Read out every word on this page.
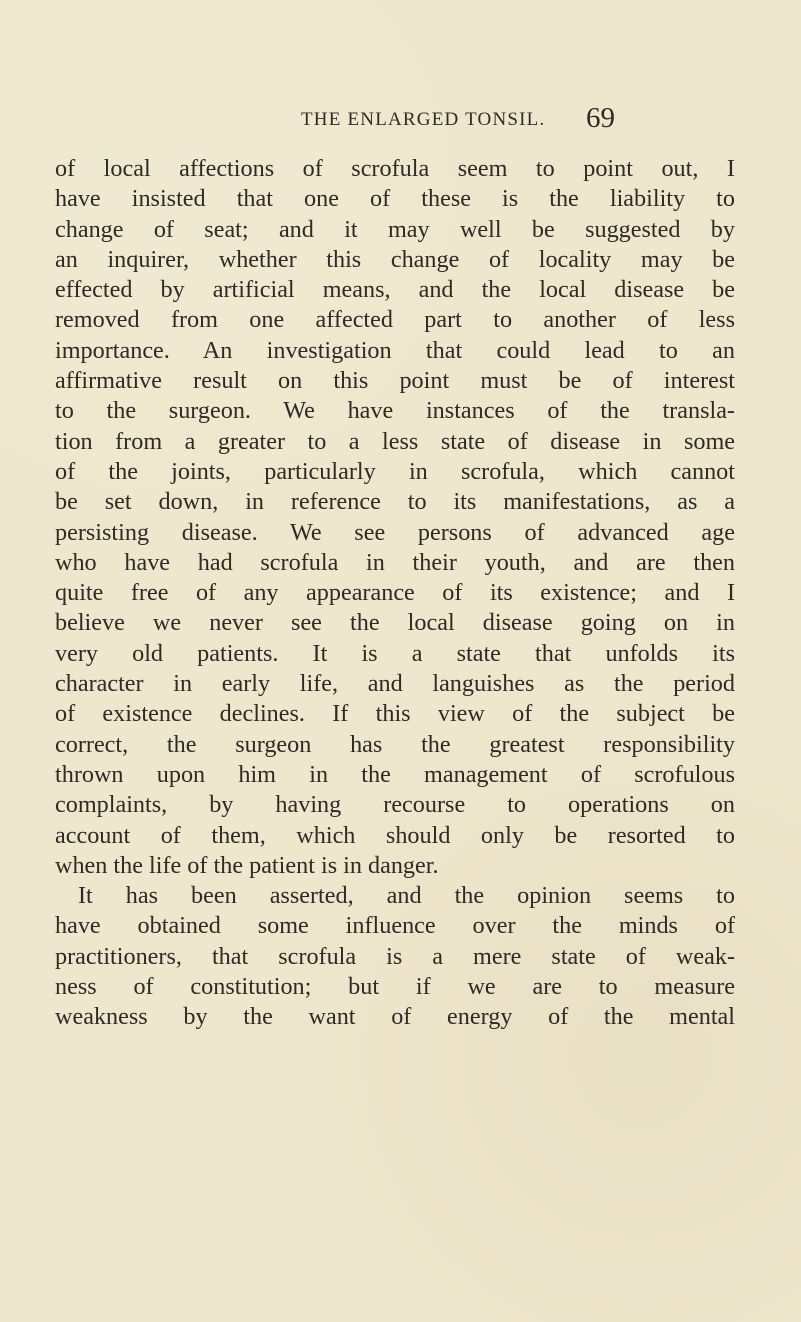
THE ENLARGED TONSIL. 69
of local affections of scrofula seem to point out, I
have insisted that one of these is the liability to
change of seat; and it may well be suggested by
an inquirer, whether this change of locality may be
effected by artificial means, and the local disease be
removed from one affected part to another of less
importance. An investigation that could lead to an
affirmative result on this point must be of interest
to the surgeon. We have instances of the transla-
tion from a greater to a less state of disease in some
of the joints, particularly in scrofula, which cannot
be set down, in reference to its manifestations, as a
persisting disease. We see persons of advanced age
who have had scrofula in their youth, and are then
quite free of any appearance of its existence; and I
believe we never see the local disease going on in
very old patients. It is a state that unfolds its
character in early life, and languishes as the period
of existence declines. If this view of the subject be
correct, the surgeon has the greatest responsibility
thrown upon him in the management of scrofulous
complaints, by having recourse to operations on
account of them, which should only be resorted to
when the life of the patient is in danger.
It has been asserted, and the opinion seems to
have obtained some influence over the minds of
practitioners, that scrofula is a mere state of weak-
ness of constitution; but if we are to measure
weakness by the want of energy of the mental
